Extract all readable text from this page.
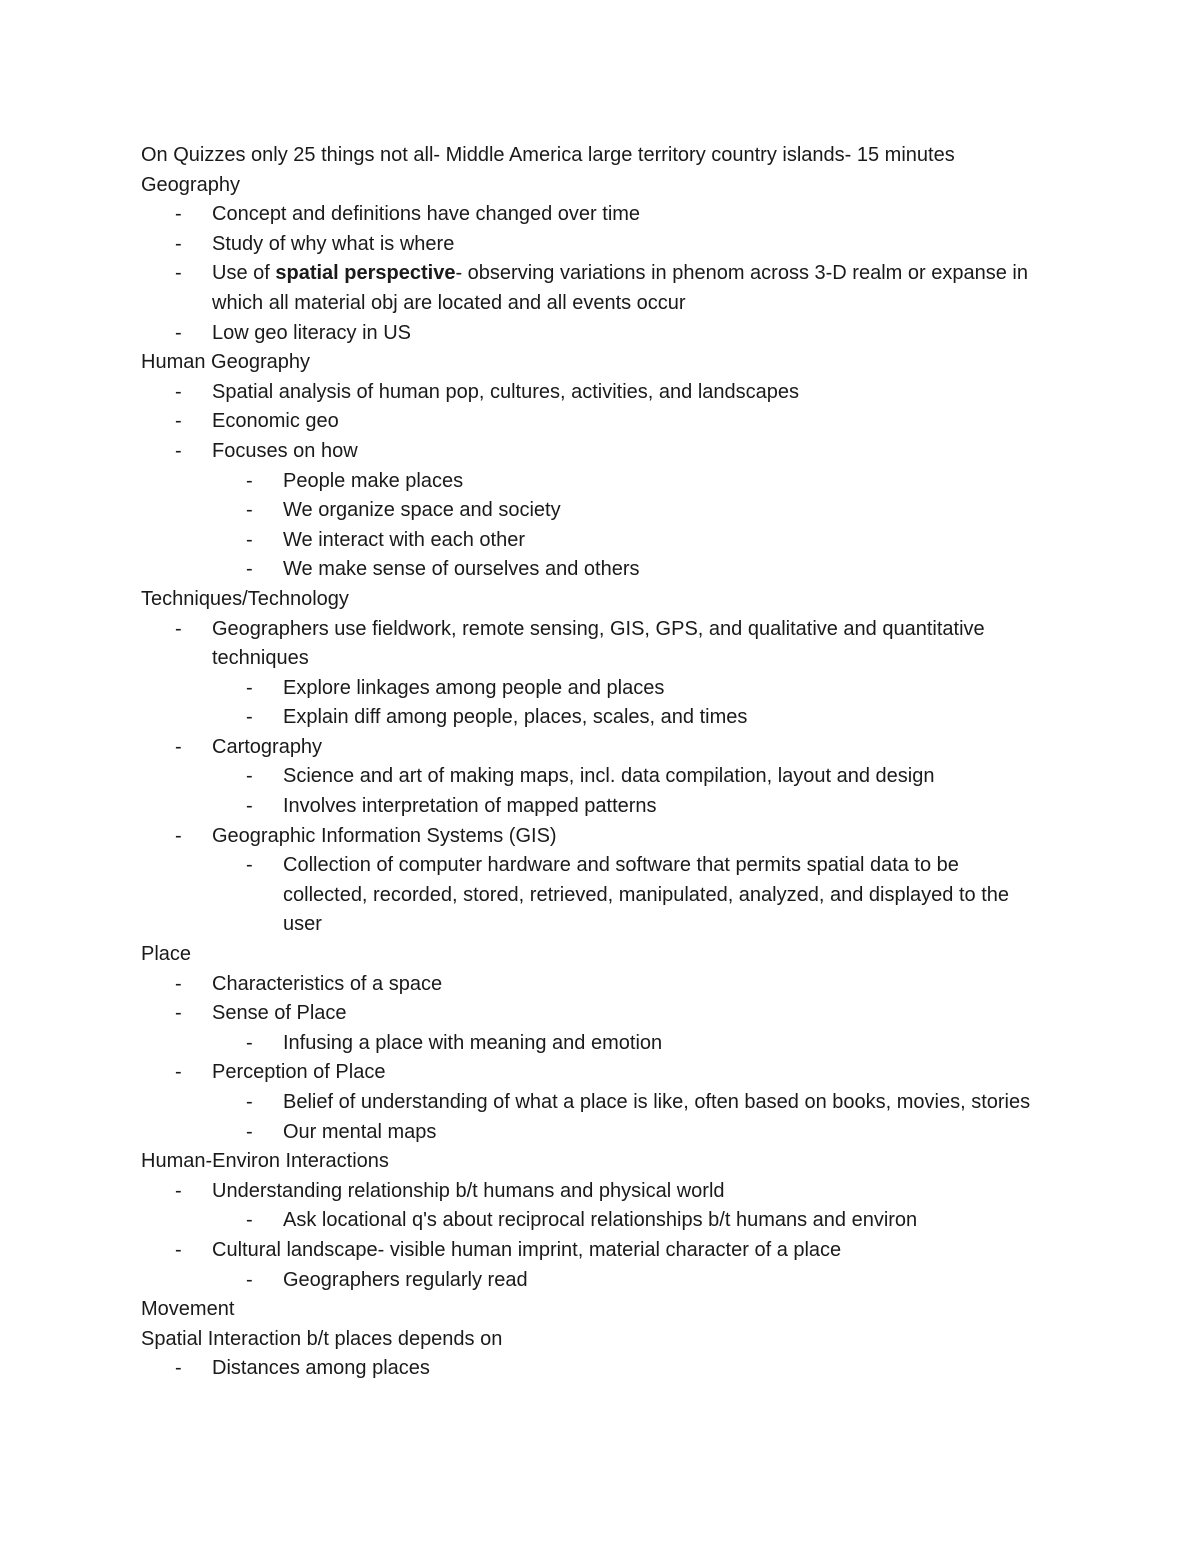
On Quizzes only 25 things not all- Middle America large territory country islands- 15 minutes
Geography
- Concept and definitions have changed over time
- Study of why what is where
- Use of spatial perspective- observing variations in phenom across 3-D realm or expanse in which all material obj are located and all events occur
- Low geo literacy in US
Human Geography
- Spatial analysis of human pop, cultures, activities, and landscapes
- Economic geo
- Focuses on how
- People make places
- We organize space and society
- We interact with each other
- We make sense of ourselves and others
Techniques/Technology
- Geographers use fieldwork, remote sensing, GIS, GPS, and qualitative and quantitative techniques
- Explore linkages among people and places
- Explain diff among people, places, scales, and times
- Cartography
- Science and art of making maps, incl. data compilation, layout and design
- Involves interpretation of mapped patterns
- Geographic Information Systems (GIS)
- Collection of computer hardware and software that permits spatial data to be collected, recorded, stored, retrieved, manipulated, analyzed, and displayed to the user
Place
- Characteristics of a space
- Sense of Place
- Infusing a place with meaning and emotion
- Perception of Place
- Belief of understanding of what a place is like, often based on books, movies, stories
- Our mental maps
Human-Environ Interactions
- Understanding relationship b/t humans and physical world
- Ask locational q's about reciprocal relationships b/t humans and environ
- Cultural landscape- visible human imprint, material character of a place
- Geographers regularly read
Movement
Spatial Interaction b/t places depends on
- Distances among places
